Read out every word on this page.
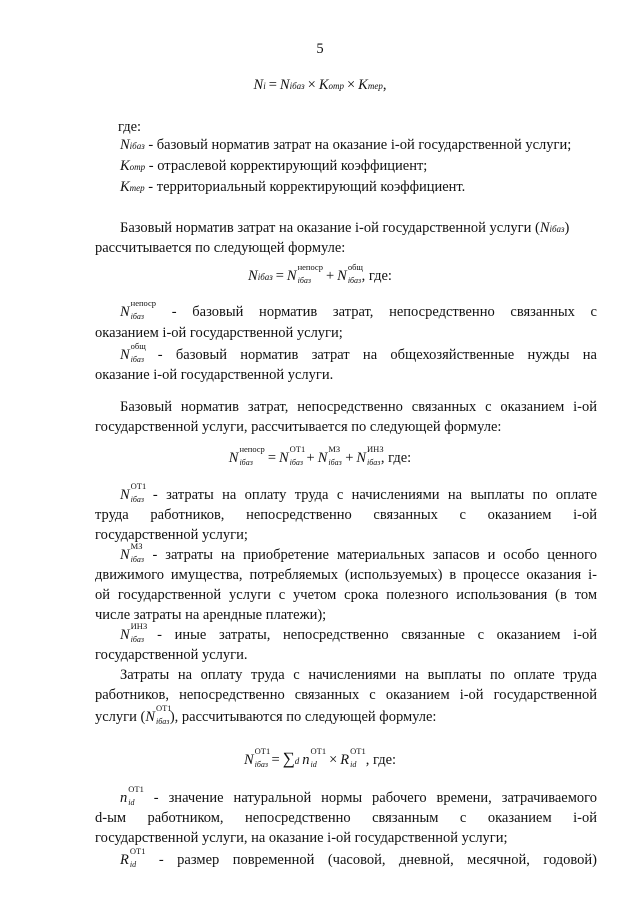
5
Ni = Niбаз × Kотр × Kтер,
где:
Niбаз - базовый норматив затрат на оказание i-ой государственной услуги;
Kотр - отраслевой корректирующий коэффициент;
Kтер - территориальный корректирующий коэффициент.
Базовый норматив затрат на оказание i-ой государственной услуги (Niбаз)
рассчитывается по следующей формуле:
Niбаз = N
непоср
iбаз + N
общ
iбаз , где:
N
непоср
iбаз - базовый норматив затрат, непосредственно связанных с
оказанием i-ой государственной услуги;
N
общ
iбаз - базовый норматив затрат на общехозяйственные нужды на
оказание i-ой государственной услуги.
Базовый норматив затрат, непосредственно связанных с оказанием i-ой
государственной услуги, рассчитывается по следующей формуле:
N
непоср
iбаз = N
ОТ1
iбаз + N
МЗ
iбаз + N
ИНЗ
iбаз , где:
N
ОТ1
iбаз - затраты на оплату труда с начислениями на выплаты по оплате
труда работников, непосредственно связанных с оказанием i-ой
государственной услуги;
N
МЗ
iбаз - затраты на приобретение материальных запасов и особо ценного
движимого имущества, потребляемых (используемых) в процессе оказания i-
ой государственной услуги с учетом срока полезного использования (в том
числе затраты на арендные платежи);
N
ИНЗ
iбаз - иные затраты, непосредственно связанные с оказанием i-ой
государственной услуги.
Затраты на оплату труда с начислениями на выплаты по оплате труда
работников, непосредственно связанных с оказанием i-ой государственной
услуги (N
ОТ1
iбаз ), рассчитываются по следующей формуле:
N
ОТ1
iбаз = ∑d n
ОТ1
id × R
ОТ1
id , где:
n
ОТ1
id - значение натуральной нормы рабочего времени, затрачиваемого
d-ым работником, непосредственно связанным с оказанием i-ой
государственной услуги, на оказание i-ой государственной услуги;
R
ОТ1
id - размер повременной (часовой, дневной, месячной, годовой)
